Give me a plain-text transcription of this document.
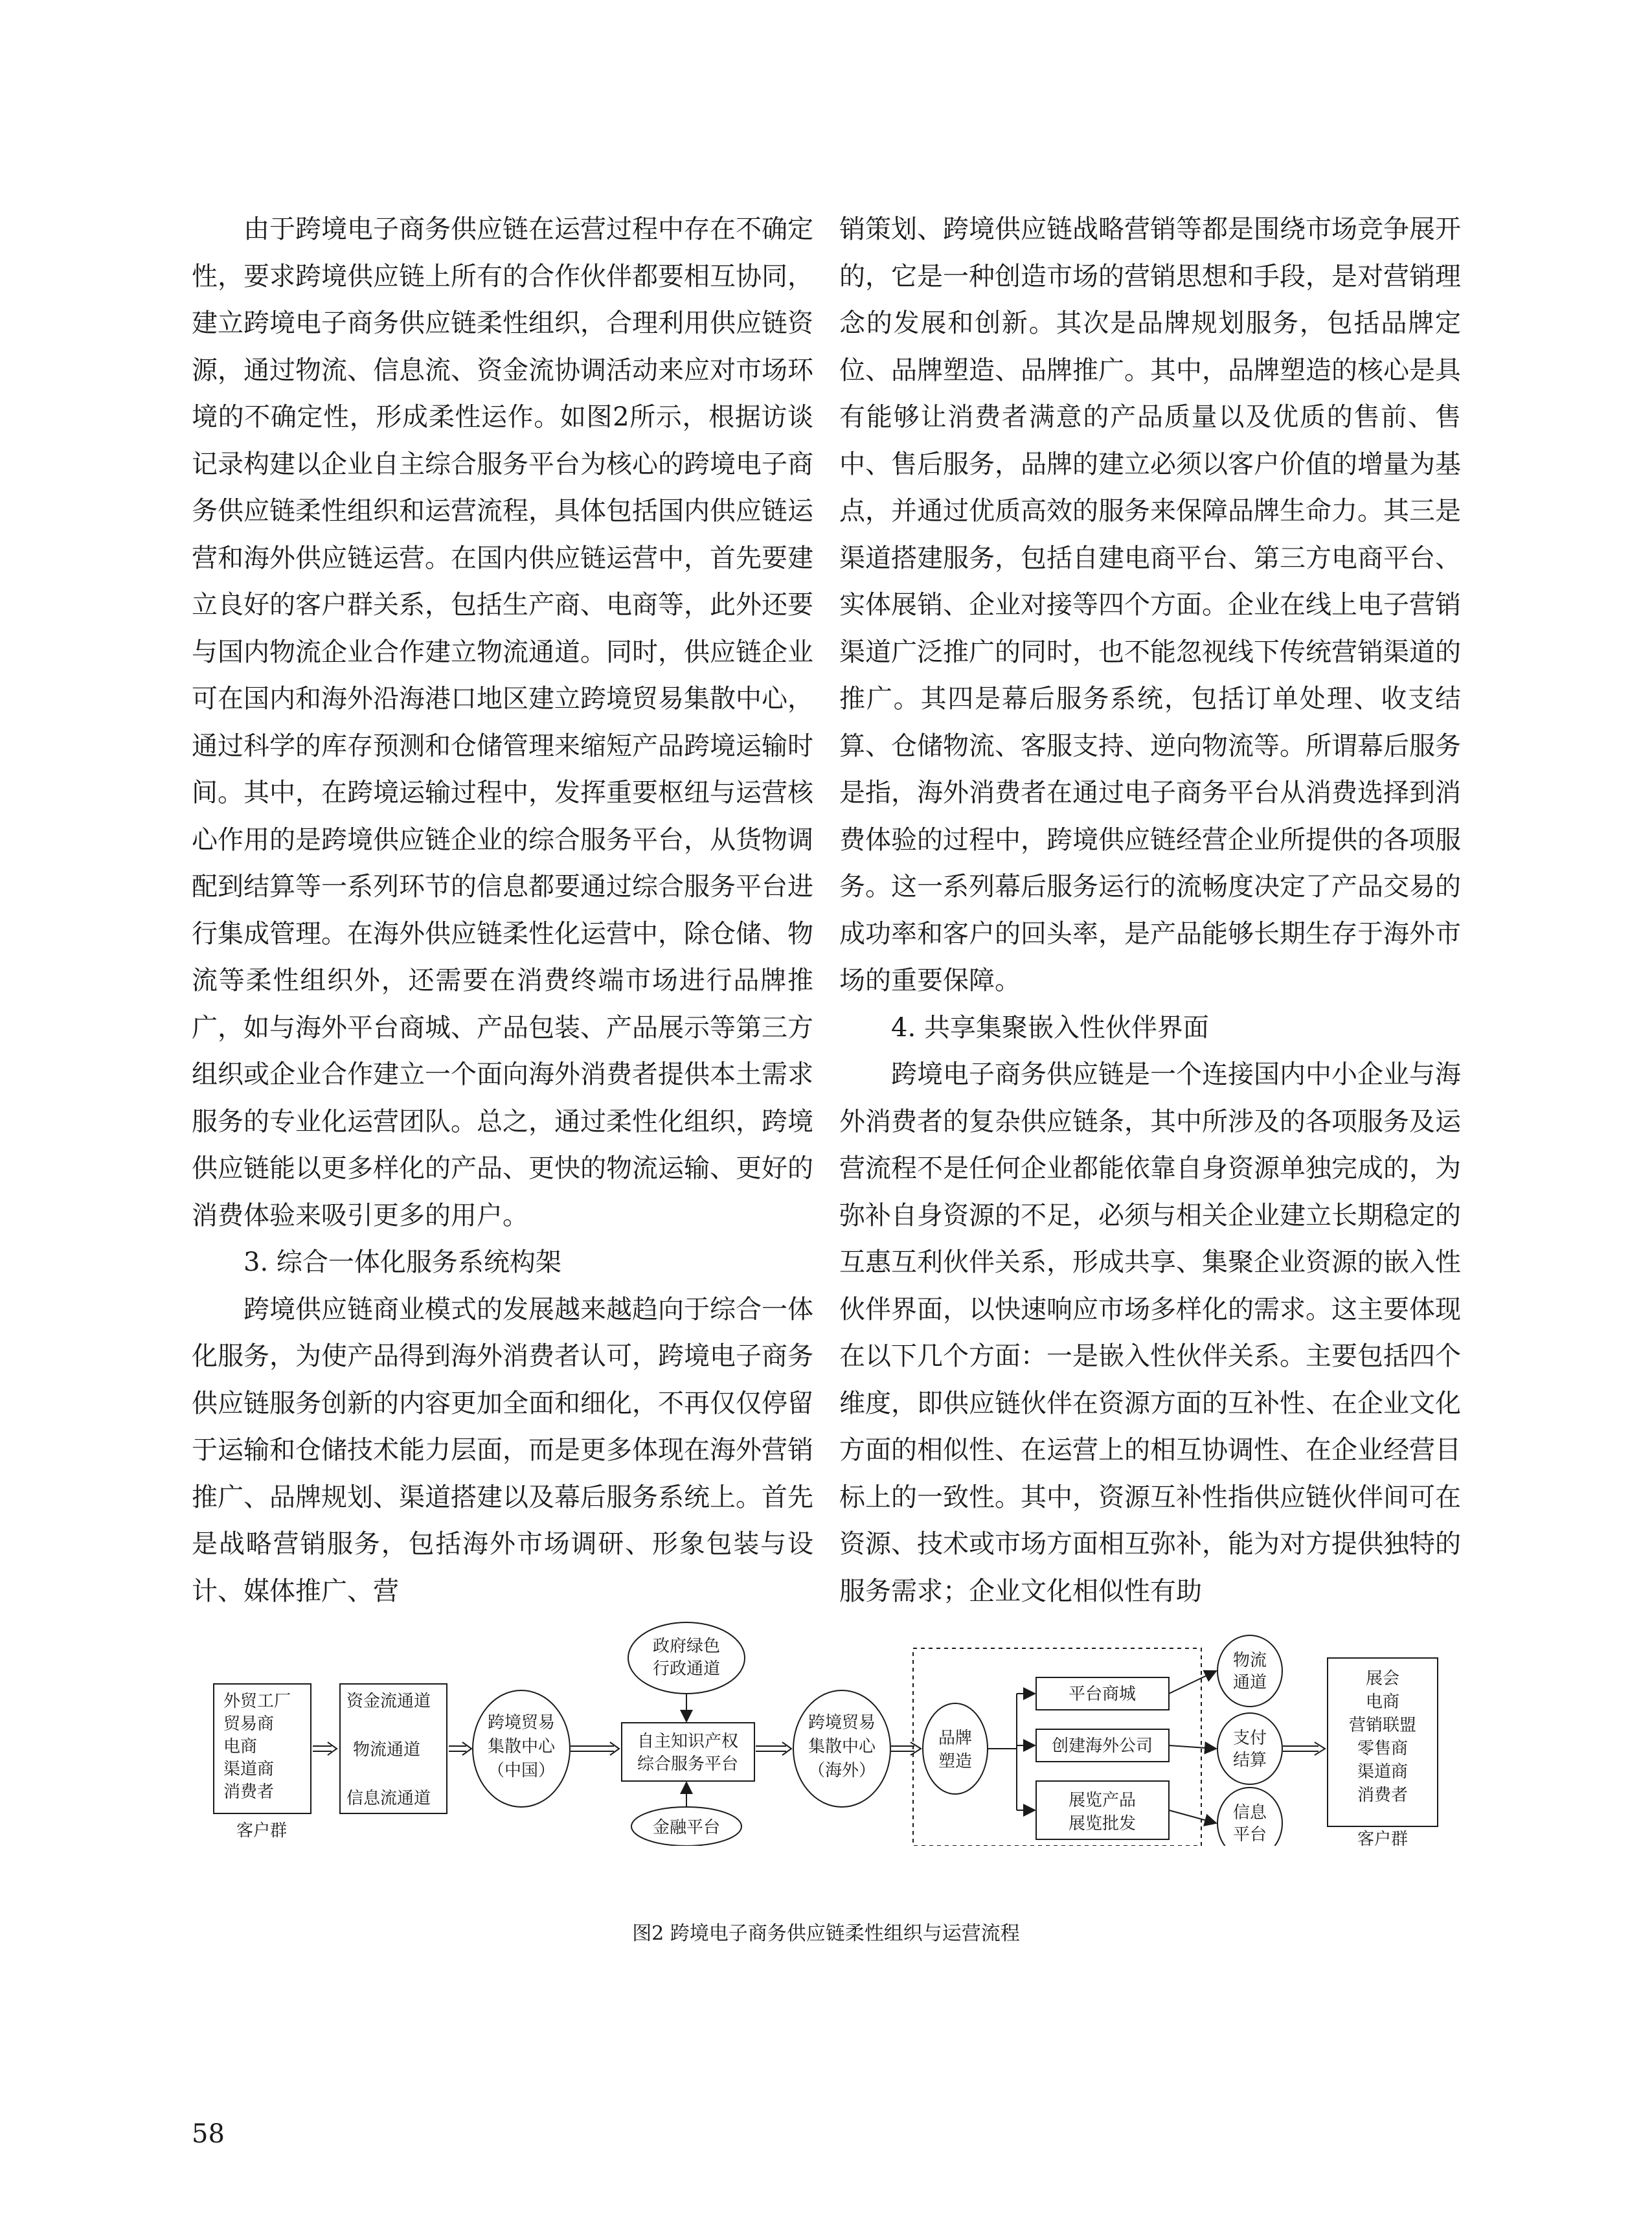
由于跨境电子商务供应链在运营过程中存在不确定性，要求跨境供应链上所有的合作伙伴都要相互协同，建立跨境电子商务供应链柔性组织，合理利用供应链资源，通过物流、信息流、资金流协调活动来应对市场环境的不确定性，形成柔性运作。如图2所示，根据访谈记录构建以企业自主综合服务平台为核心的跨境电子商务供应链柔性组织和运营流程，具体包括国内供应链运营和海外供应链运营。在国内供应链运营中，首先要建立良好的客户群关系，包括生产商、电商等，此外还要与国内物流企业合作建立物流通道。同时，供应链企业可在国内和海外沿海港口地区建立跨境贸易集散中心，通过科学的库存预测和仓储管理来缩短产品跨境运输时间。其中，在跨境运输过程中，发挥重要枢纽与运营核心作用的是跨境供应链企业的综合服务平台，从货物调配到结算等一系列环节的信息都要通过综合服务平台进行集成管理。在海外供应链柔性化运营中，除仓储、物流等柔性组织外，还需要在消费终端市场进行品牌推广，如与海外平台商城、产品包装、产品展示等第三方组织或企业合作建立一个面向海外消费者提供本土需求服务的专业化运营团队。总之，通过柔性化组织，跨境供应链能以更多样化的产品、更快的物流运输、更好的消费体验来吸引更多的用户。

3. 综合一体化服务系统构架

跨境供应链商业模式的发展越来越趋向于综合一体化服务，为使产品得到海外消费者认可，跨境电子商务供应链服务创新的内容更加全面和细化，不再仅仅停留于运输和仓储技术能力层面，而是更多体现在海外营销推广、品牌规划、渠道搭建以及幕后服务系统上。首先是战略营销服务，包括海外市场调研、形象包装与设计、媒体推广、营

销策划、跨境供应链战略营销等都是围绕市场竞争展开的，它是一种创造市场的营销思想和手段，是对营销理念的发展和创新。其次是品牌规划服务，包括品牌定位、品牌塑造、品牌推广。其中，品牌塑造的核心是具有能够让消费者满意的产品质量以及优质的售前、售中、售后服务，品牌的建立必须以客户价值的增量为基点，并通过优质高效的服务来保障品牌生命力。其三是渠道搭建服务，包括自建电商平台、第三方电商平台、实体展销、企业对接等四个方面。企业在线上电子营销渠道广泛推广的同时，也不能忽视线下传统营销渠道的推广。其四是幕后服务系统，包括订单处理、收支结算、仓储物流、客服支持、逆向物流等。所谓幕后服务是指，海外消费者在通过电子商务平台从消费选择到消费体验的过程中，跨境供应链经营企业所提供的各项服务。这一系列幕后服务运行的流畅度决定了产品交易的成功率和客户的回头率，是产品能够长期生存于海外市场的重要保障。

4. 共享集聚嵌入性伙伴界面

跨境电子商务供应链是一个连接国内中小企业与海外消费者的复杂供应链条，其中所涉及的各项服务及运营流程不是任何企业都能依靠自身资源单独完成的，为弥补自身资源的不足，必须与相关企业建立长期稳定的互惠互利伙伴关系，形成共享、集聚企业资源的嵌入性伙伴界面，以快速响应市场多样化的需求。这主要体现在以下几个方面：一是嵌入性伙伴关系。主要包括四个维度，即供应链伙伴在资源方面的互补性、在企业文化方面的相似性、在运营上的相互协调性、在企业经营目标上的一致性。其中，资源互补性指供应链伙伴间可在资源、技术或市场方面相互弥补，能为对方提供独特的服务需求；企业文化相似性有助

外贸工厂
贸易商
电商
渠道商
消费者
客户群
资金流通道
物流通道
信息流通道
跨境贸易
集散中心
（中国）
政府绿色
行政通道
自主知识产权
综合服务平台
金融平台
跨境贸易
集散中心
（海外）
品牌
塑造
平台商城
创建海外公司
展览产品
展览批发
物流
通道
支付
结算
信息
平台
展会
电商
营销联盟
零售商
渠道商
消费者
客户群
图2 跨境电子商务供应链柔性组织与运营流程
58
